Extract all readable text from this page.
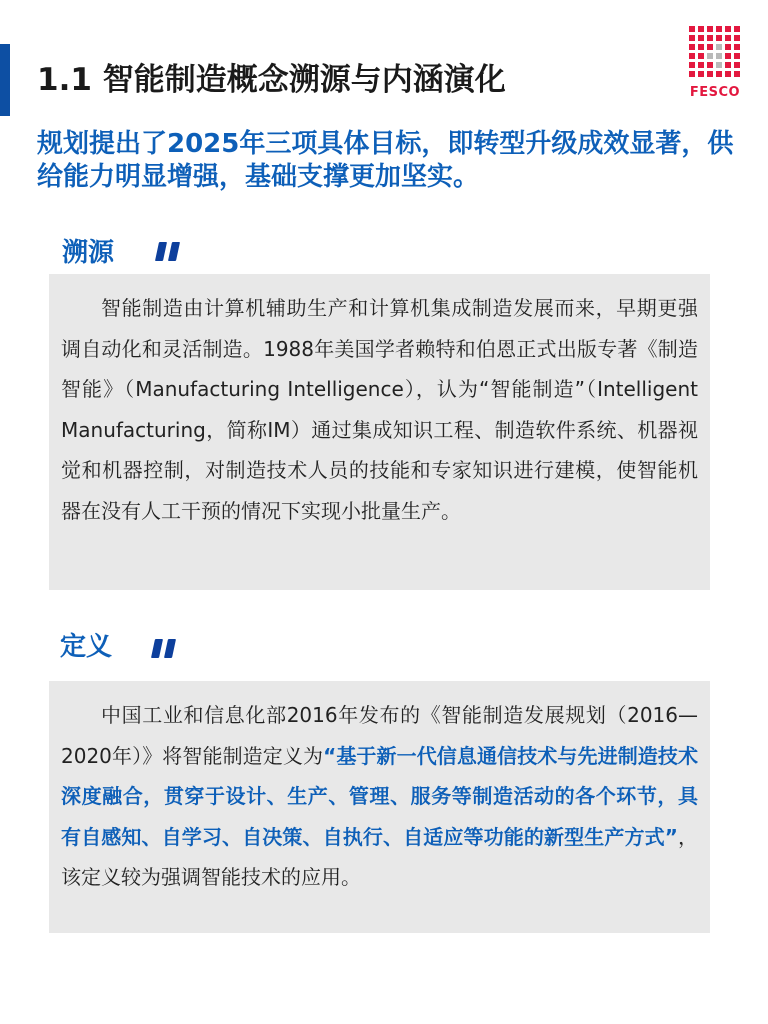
1.1 智能制造概念溯源与内涵演化	FESCO

规划提出了2025年三项具体目标，即转型升级成效显著，供给能力明显增强，基础支撑更加坚实。

溯源

智能制造由计算机辅助生产和计算机集成制造发展而来，早期更强调自动化和灵活制造。1988年美国学者赖特和伯恩正式出版专著《制造智能》（Manufacturing Intelligence），认为“智能制造”（Intelligent Manufacturing，简称IM）通过集成知识工程、制造软件系统、机器视觉和机器控制，对制造技术人员的技能和专家知识进行建模，使智能机器在没有人工干预的情况下实现小批量生产。

定义

中国工业和信息化部2016年发布的《智能制造发展规划（2016—2020年）》将智能制造定义为“基于新一代信息通信技术与先进制造技术深度融合，贯穿于设计、生产、管理、服务等制造活动的各个环节，具有自感知、自学习、自决策、自执行、自适应等功能的新型生产方式”，该定义较为强调智能技术的应用。
